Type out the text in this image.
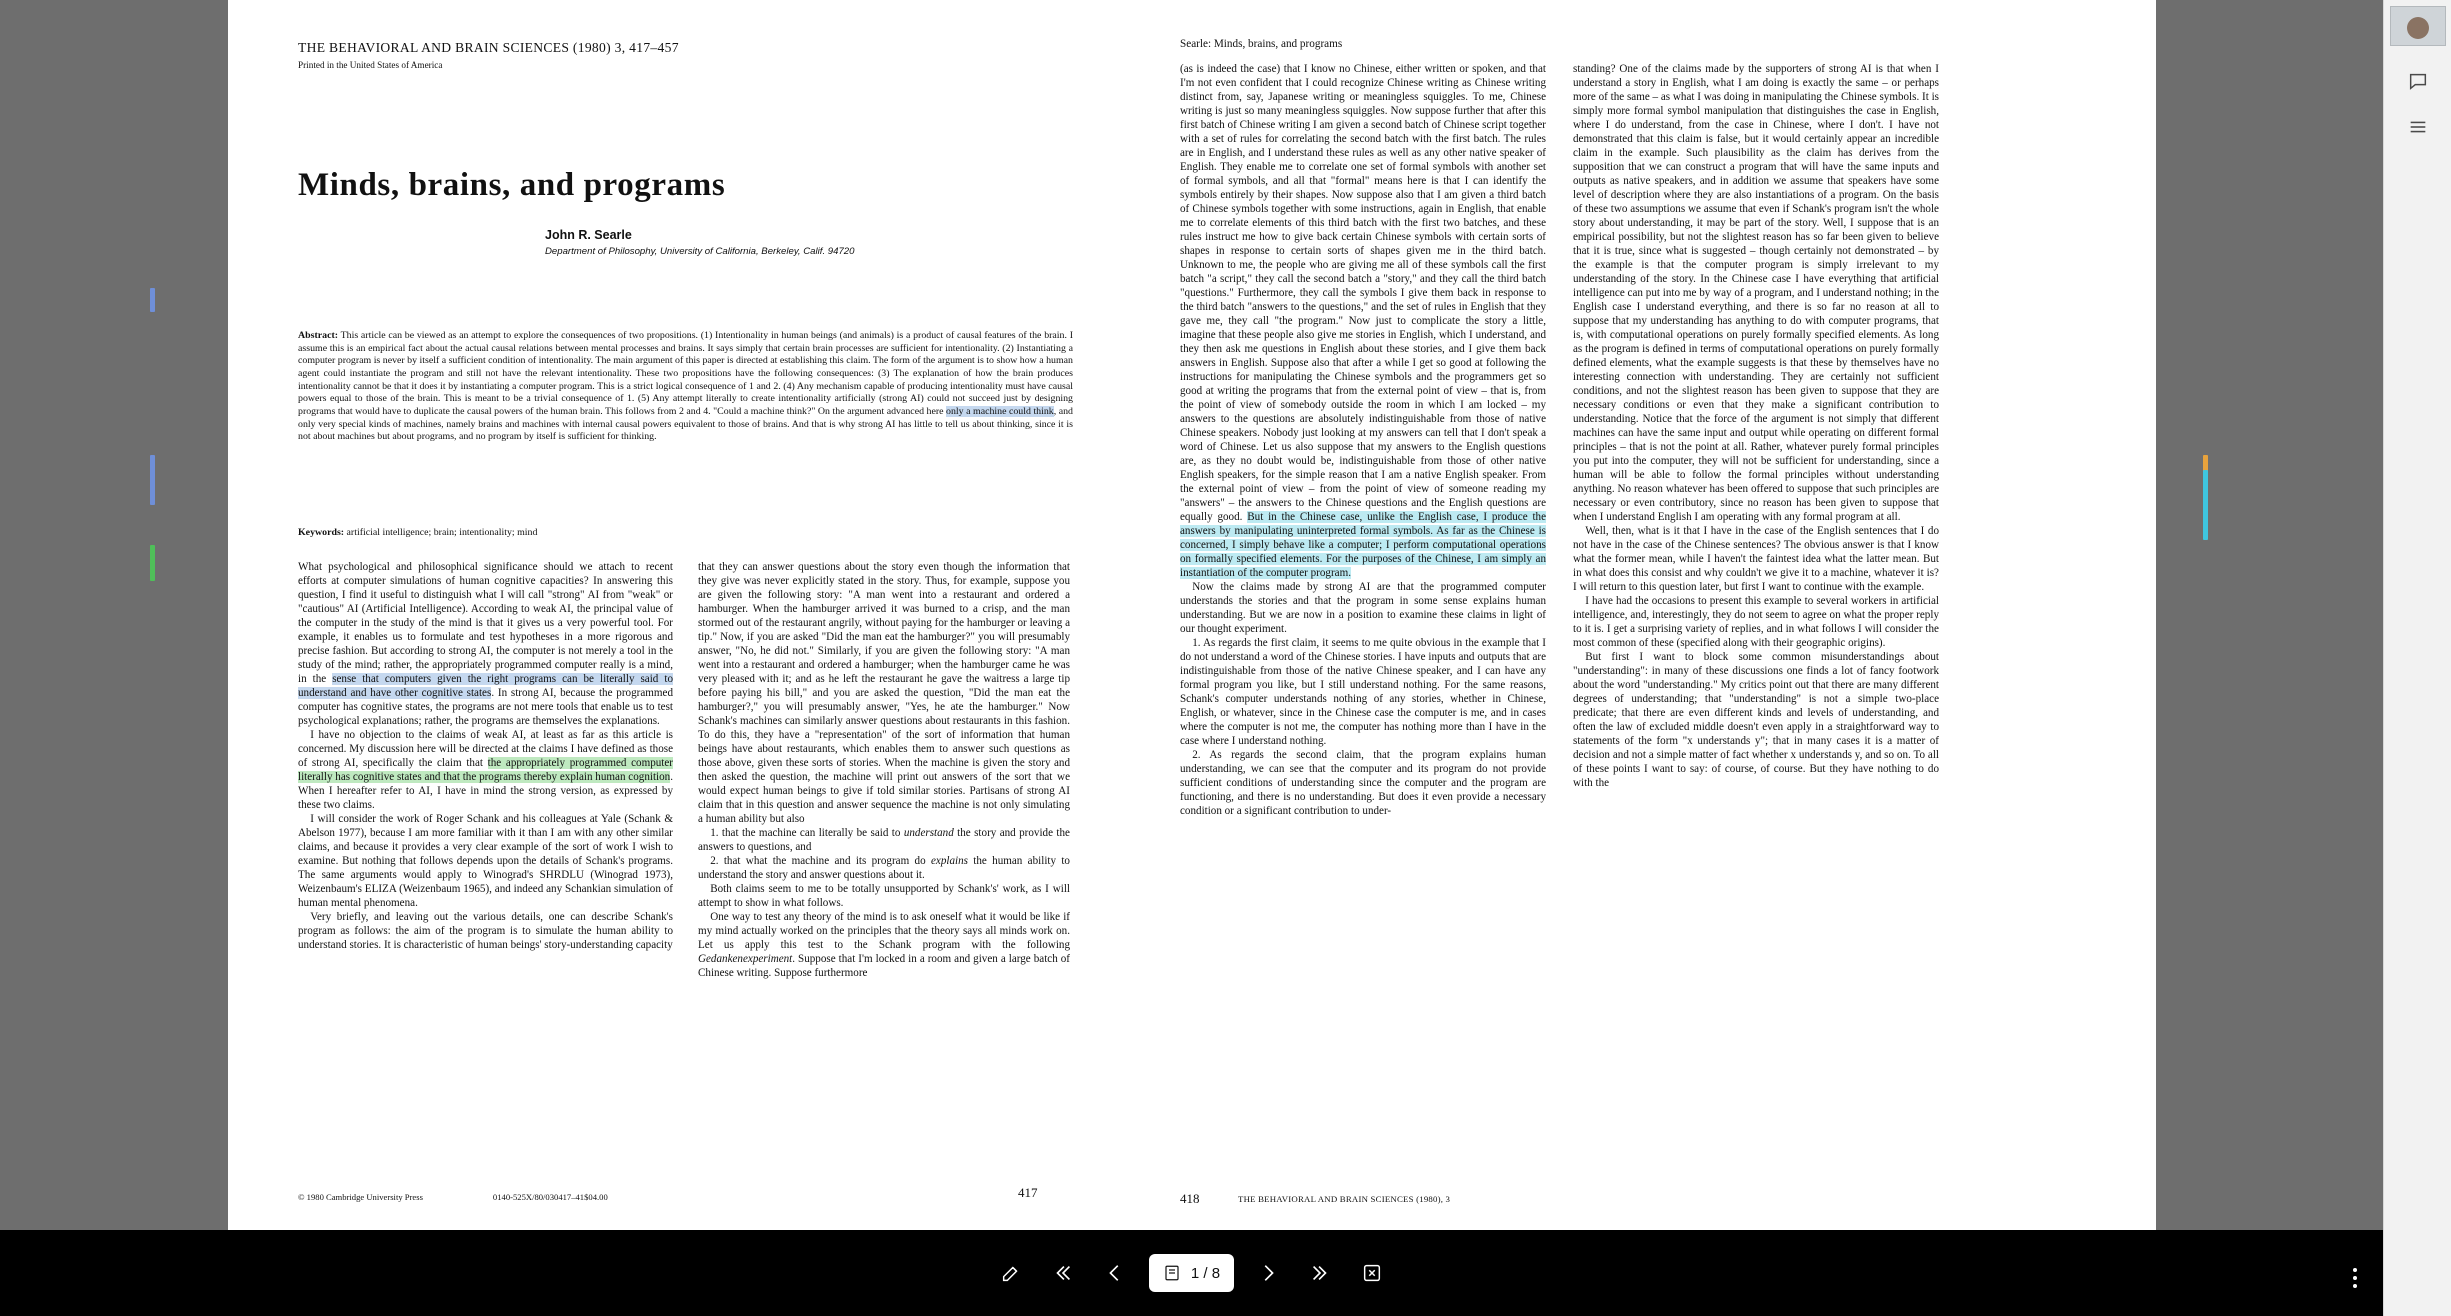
THE BEHAVIORAL AND BRAIN SCIENCES (1980) 3, 417–457
Printed in the United States of America
Minds, brains, and programs
John R. Searle
Department of Philosophy, University of California, Berkeley, Calif. 94720
Abstract: This article can be viewed as an attempt to explore the consequences of two propositions. (1) Intentionality in human beings (and animals) is a product of causal features of the brain. I assume this is an empirical fact about the actual causal relations between mental processes and brains. It says simply that certain brain processes are sufficient for intentionality. (2) Instantiating a computer program is never by itself a sufficient condition of intentionality. The main argument of this paper is directed at establishing this claim. The form of the argument is to show how a human agent could instantiate the program and still not have the relevant intentionality. These two propositions have the following consequences: (3) The explanation of how the brain produces intentionality cannot be that it does it by instantiating a computer program. This is a strict logical consequence of 1 and 2. (4) Any mechanism capable of producing intentionality must have causal powers equal to those of the brain. This is meant to be a trivial consequence of 1. (5) Any attempt literally to create intentionality artificially (strong AI) could not succeed just by designing programs that would have to duplicate the causal powers of the human brain. This follows from 2 and 4. "Could a machine think?" On the argument advanced here only a machine could think, and only very special kinds of machines, namely brains and machines with internal causal powers equivalent to those of brains. And that is why strong AI has little to tell us about thinking, since it is not about machines but about programs, and no program by itself is sufficient for thinking.
Keywords: artificial intelligence; brain; intentionality; mind
Searle: Minds, brains, and programs

What psychological and philosophical significance should we attach to recent efforts at computer simulations of human cognitive capacities? In answering this question, I find it useful to distinguish what I will call "strong" AI from "weak" or "cautious" AI (Artificial Intelligence). According to weak AI, the principal value of the computer in the study of the mind is that it gives us a very powerful tool. For example, it enables us to formulate and test hypotheses in a more rigorous and precise fashion. But according to strong AI, the computer is not merely a tool in the study of the mind; rather, the appropriately programmed computer really is a mind, in the sense that computers given the right programs can be literally said to understand and have other cognitive states. In strong AI, because the programmed computer has cognitive states, the programs are not mere tools that enable us to test psychological explanations; rather, the programs are themselves the explanations.

I have no objection to the claims of weak AI, at least as far as this article is concerned. My discussion here will be directed at the claims I have defined as those of strong AI, specifically the claim that the appropriately programmed computer literally has cognitive states and that the programs thereby explain human cognition. When I hereafter refer to AI, I have in mind the strong version, as expressed by these two claims.

I will consider the work of Roger Schank and his colleagues at Yale (Schank & Abelson 1977), because I am more familiar with it than I am with any other similar claims, and because it provides a very clear example of the sort of work I wish to examine. But nothing that follows depends upon the details of Schank's programs. The same arguments would apply to Winograd's SHRDLU (Winograd 1973), Weizenbaum's ELIZA (Weizenbaum 1965), and indeed any Schankian simulation of human mental phenomena.

Very briefly, and leaving out the various details, one can describe Schank's program as follows: the aim of the program is to simulate the human ability to understand stories. It is characteristic of human beings' story-understanding capacity

that they can answer questions about the story even though the information that they give was never explicitly stated in the story. Thus, for example, suppose you are given the following story: "A man went into a restaurant and ordered a hamburger. When the hamburger arrived it was burned to a crisp, and the man stormed out of the restaurant angrily, without paying for the hamburger or leaving a tip." Now, if you are asked "Did the man eat the hamburger?" you will presumably answer, "No, he did not." Similarly, if you are given the following story: "A man went into a restaurant and ordered a hamburger; when the hamburger came he was very pleased with it; and as he left the restaurant he gave the waitress a large tip before paying his bill," and you are asked the question, "Did the man eat the hamburger?," you will presumably answer, "Yes, he ate the hamburger." Now Schank's machines can similarly answer questions about restaurants in this fashion. To do this, they have a "representation" of the sort of information that human beings have about restaurants, which enables them to answer such questions as those above, given these sorts of stories. When the machine is given the story and then asked the question, the machine will print out answers of the sort that we would expect human beings to give if told similar stories. Partisans of strong AI claim that in this question and answer sequence the machine is not only simulating a human ability but also

1. that the machine can literally be said to understand the story and provide the answers to questions, and

2. that what the machine and its program do explains the human ability to understand the story and answer questions about it.

Both claims seem to me to be totally unsupported by Schank's' work, as I will attempt to show in what follows.

One way to test any theory of the mind is to ask oneself what it would be like if my mind actually worked on the principles that the theory says all minds work on. Let us apply this test to the Schank program with the following Gedankenexperiment. Suppose that I'm locked in a room and given a large batch of Chinese writing. Suppose furthermore

(as is indeed the case) that I know no Chinese, either written or spoken, and that I'm not even confident that I could recognize Chinese writing as Chinese writing distinct from, say, Japanese writing or meaningless squiggles. To me, Chinese writing is just so many meaningless squiggles. Now suppose further that after this first batch of Chinese writing I am given a second batch of Chinese script together with a set of rules for correlating the second batch with the first batch. The rules are in English, and I understand these rules as well as any other native speaker of English. They enable me to correlate one set of formal symbols with another set of formal symbols, and all that "formal" means here is that I can identify the symbols entirely by their shapes. Now suppose also that I am given a third batch of Chinese symbols together with some instructions, again in English, that enable me to correlate elements of this third batch with the first two batches, and these rules instruct me how to give back certain Chinese symbols with certain sorts of shapes in response to certain sorts of shapes given me in the third batch. Unknown to me, the people who are giving me all of these symbols call the first batch "a script," they call the second batch a "story," and they call the third batch "questions." Furthermore, they call the symbols I give them back in response to the third batch "answers to the questions," and the set of rules in English that they gave me, they call "the program." Now just to complicate the story a little, imagine that these people also give me stories in English, which I understand, and they then ask me questions in English about these stories, and I give them back answers in English. Suppose also that after a while I get so good at following the instructions for manipulating the Chinese symbols and the programmers get so good at writing the programs that from the external point of view – that is, from the point of view of somebody outside the room in which I am locked – my answers to the questions are absolutely indistinguishable from those of native Chinese speakers. Nobody just looking at my answers can tell that I don't speak a word of Chinese. Let us also suppose that my answers to the English questions are, as they no doubt would be, indistinguishable from those of other native English speakers, for the simple reason that I am a native English speaker. From the external point of view – from the point of view of someone reading my "answers" – the answers to the Chinese questions and the English questions are equally good. But in the Chinese case, unlike the English case, I produce the answers by manipulating uninterpreted formal symbols. As far as the Chinese is concerned, I simply behave like a computer; I perform computational operations on formally specified elements. For the purposes of the Chinese, I am simply an instantiation of the computer program.

Now the claims made by strong AI are that the programmed computer understands the stories and that the program in some sense explains human understanding. But we are now in a position to examine these claims in light of our thought experiment.

1. As regards the first claim, it seems to me quite obvious in the example that I do not understand a word of the Chinese stories. I have inputs and outputs that are indistinguishable from those of the native Chinese speaker, and I can have any formal program you like, but I still understand nothing. For the same reasons, Schank's computer understands nothing of any stories, whether in Chinese, English, or whatever, since in the Chinese case the computer is me, and in cases where the computer is not me, the computer has nothing more than I have in the case where I understand nothing.

2. As regards the second claim, that the program explains human understanding, we can see that the computer and its program do not provide sufficient conditions of understanding since the computer and the program are functioning, and there is no understanding. But does it even provide a necessary condition or a significant contribution to under-

standing? One of the claims made by the supporters of strong AI is that when I understand a story in English, what I am doing is exactly the same – or perhaps more of the same – as what I was doing in manipulating the Chinese symbols. It is simply more formal symbol manipulation that distinguishes the case in English, where I do understand, from the case in Chinese, where I don't. I have not demonstrated that this claim is false, but it would certainly appear an incredible claim in the example. Such plausibility as the claim has derives from the supposition that we can construct a program that will have the same inputs and outputs as native speakers, and in addition we assume that speakers have some level of description where they are also instantiations of a program. On the basis of these two assumptions we assume that even if Schank's program isn't the whole story about understanding, it may be part of the story. Well, I suppose that is an empirical possibility, but not the slightest reason has so far been given to believe that it is true, since what is suggested – though certainly not demonstrated – by the example is that the computer program is simply irrelevant to my understanding of the story. In the Chinese case I have everything that artificial intelligence can put into me by way of a program, and I understand nothing; in the English case I understand everything, and there is so far no reason at all to suppose that my understanding has anything to do with computer programs, that is, with computational operations on purely formally specified elements. As long as the program is defined in terms of computational operations on purely formally defined elements, what the example suggests is that these by themselves have no interesting connection with understanding. They are certainly not sufficient conditions, and not the slightest reason has been given to suppose that they are necessary conditions or even that they make a significant contribution to understanding. Notice that the force of the argument is not simply that different machines can have the same input and output while operating on different formal principles – that is not the point at all. Rather, whatever purely formal principles you put into the computer, they will not be sufficient for understanding, since a human will be able to follow the formal principles without understanding anything. No reason whatever has been offered to suppose that such principles are necessary or even contributory, since no reason has been given to suppose that when I understand English I am operating with any formal program at all.

Well, then, what is it that I have in the case of the English sentences that I do not have in the case of the Chinese sentences? The obvious answer is that I know what the former mean, while I haven't the faintest idea what the latter mean. But in what does this consist and why couldn't we give it to a machine, whatever it is? I will return to this question later, but first I want to continue with the example.

I have had the occasions to present this example to several workers in artificial intelligence, and, interestingly, they do not seem to agree on what the proper reply to it is. I get a surprising variety of replies, and in what follows I will consider the most common of these (specified along with their geographic origins).

But first I want to block some common misunderstandings about "understanding": in many of these discussions one finds a lot of fancy footwork about the word "understanding." My critics point out that there are many different degrees of understanding; that "understanding" is not a simple two-place predicate; that there are even different kinds and levels of understanding, and often the law of excluded middle doesn't even apply in a straightforward way to statements of the form "x understands y"; that in many cases it is a matter of decision and not a simple matter of fact whether x understands y, and so on. To all of these points I want to say: of course, of course. But they have nothing to do with the

© 1980 Cambridge University Press	0140-525X/80/030417–41$04.00	417	418	THE BEHAVIORAL AND BRAIN SCIENCES (1980), 3
1 / 8
